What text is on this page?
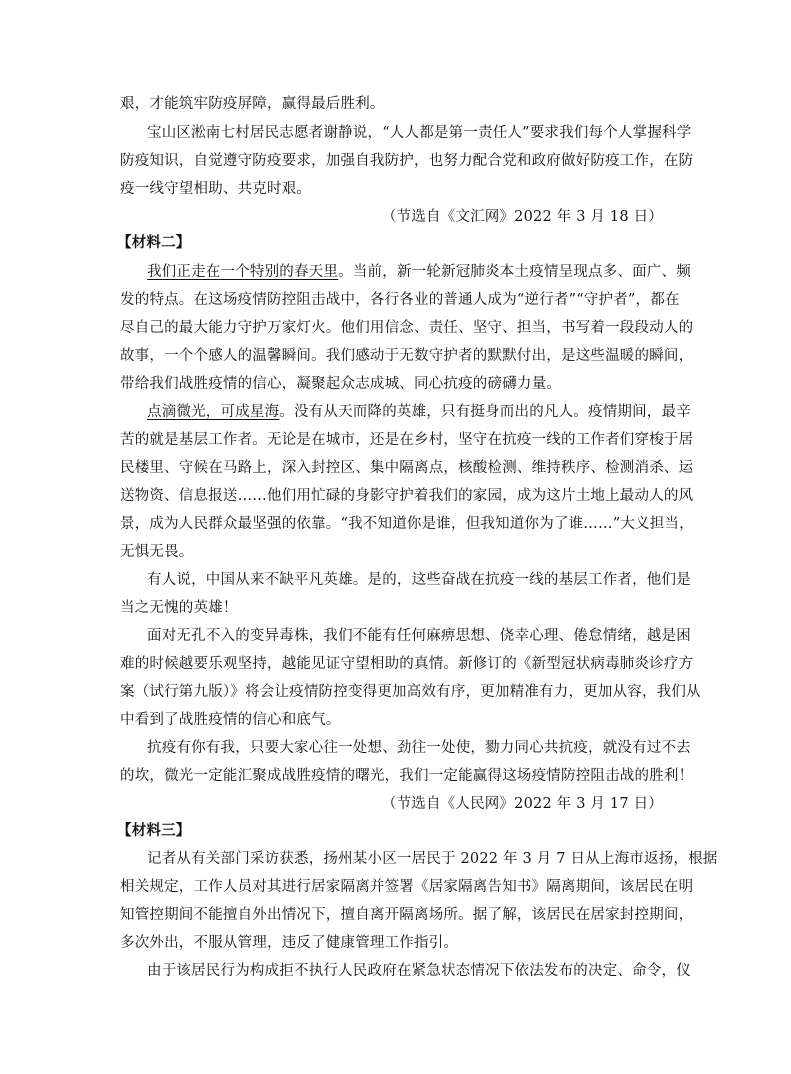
艰，才能筑牢防疫屏障，赢得最后胜利。
宝山区淞南七村居民志愿者谢静说，“人人都是第一责任人”要求我们每个人掌握科学
防疫知识，自觉遵守防疫要求，加强自我防护，也努力配合党和政府做好防疫工作，在防
疫一线守望相助、共克时艰。
（节选自《文汇网》2022 年 3 月 18 日）
【材料二】
我们正走在一个特别的春天里。当前，新一轮新冠肺炎本土疫情呈现点多、面广、频
发的特点。在这场疫情防控阻击战中，各行各业的普通人成为“逆行者”“守护者”，都在
尽自己的最大能力守护万家灯火。他们用信念、责任、坚守、担当，书写着一段段动人的
故事，一个个感人的温馨瞬间。我们感动于无数守护者的默默付出，是这些温暖的瞬间，
带给我们战胜疫情的信心，凝聚起众志成城、同心抗疫的磅礴力量。
点滴微光，可成星海。没有从天而降的英雄，只有挺身而出的凡人。疫情期间，最辛
苦的就是基层工作者。无论是在城市，还是在乡村，坚守在抗疫一线的工作者们穿梭于居
民楼里、守候在马路上，深入封控区、集中隔离点，核酸检测、维持秩序、检测消杀、运
送物资、信息报送……他们用忙碌的身影守护着我们的家园，成为这片土地上最动人的风
景，成为人民群众最坚强的依靠。“我不知道你是谁，但我知道你为了谁……”大义担当，
无惧无畏。
有人说，中国从来不缺平凡英雄。是的，这些奋战在抗疫一线的基层工作者，他们是
当之无愧的英雄！
面对无孔不入的变异毒株，我们不能有任何麻痹思想、侥幸心理、倦怠情绪，越是困
难的时候越要乐观坚持，越能见证守望相助的真情。新修订的《新型冠状病毒肺炎诊疗方
案（试行第九版）》将会让疫情防控变得更加高效有序，更加精准有力，更加从容，我们从
中看到了战胜疫情的信心和底气。
抗疫有你有我，只要大家心往一处想、劲往一处使，勠力同心共抗疫，就没有过不去
的坎，微光一定能汇聚成战胜疫情的曙光，我们一定能赢得这场疫情防控阻击战的胜利！
（节选自《人民网》2022 年 3 月 17 日）
【材料三】
记者从有关部门采访获悉，扬州某小区一居民于 2022 年 3 月 7 日从上海市返扬，根据
相关规定，工作人员对其进行居家隔离并签署《居家隔离告知书》隔离期间，该居民在明
知管控期间不能擅自外出情况下，擅自离开隔离场所。据了解，该居民在居家封控期间，
多次外出，不服从管理，违反了健康管理工作指引。
由于该居民行为构成拒不执行人民政府在紧急状态情况下依法发布的决定、命令，仪
